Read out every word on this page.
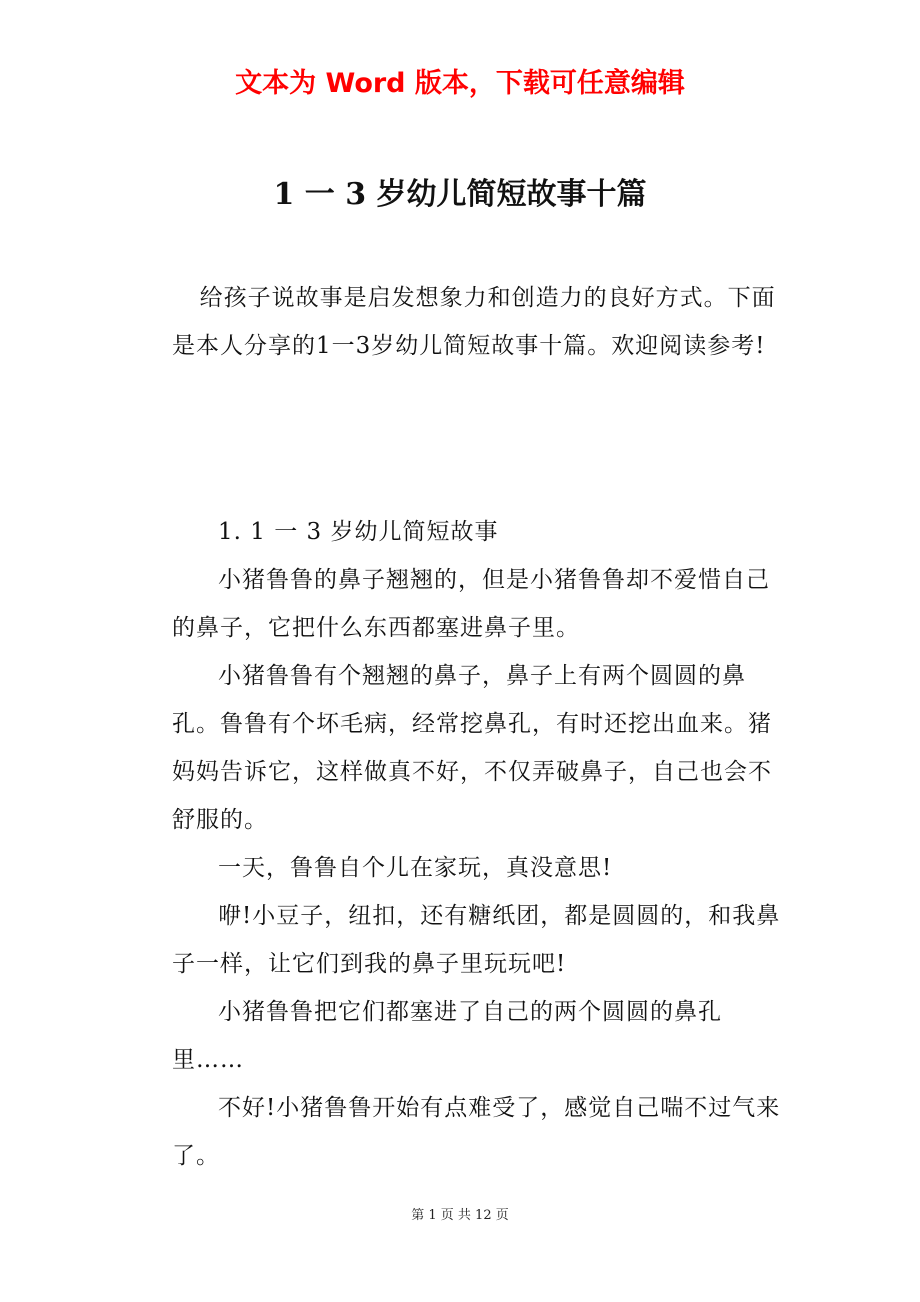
文本为 Word 版本，下载可任意编辑
1 一 3 岁幼儿简短故事十篇

给孩子说故事是启发想象力和创造力的良好方式。下面是本人分享的1一3岁幼儿简短故事十篇。欢迎阅读参考!

1. 1 一 3 岁幼儿简短故事

小猪鲁鲁的鼻子翘翘的，但是小猪鲁鲁却不爱惜自己的鼻子，它把什么东西都塞进鼻子里。

小猪鲁鲁有个翘翘的鼻子，鼻子上有两个圆圆的鼻孔。鲁鲁有个坏毛病，经常挖鼻孔，有时还挖出血来。猪妈妈告诉它，这样做真不好，不仅弄破鼻子，自己也会不舒服的。

一天，鲁鲁自个儿在家玩，真没意思!

咿!小豆子，纽扣，还有糖纸团，都是圆圆的，和我鼻子一样，让它们到我的鼻子里玩玩吧!

小猪鲁鲁把它们都塞进了自己的两个圆圆的鼻孔里……

不好!小猪鲁鲁开始有点难受了，感觉自己喘不过气来了。

第 1 页 共 12 页
